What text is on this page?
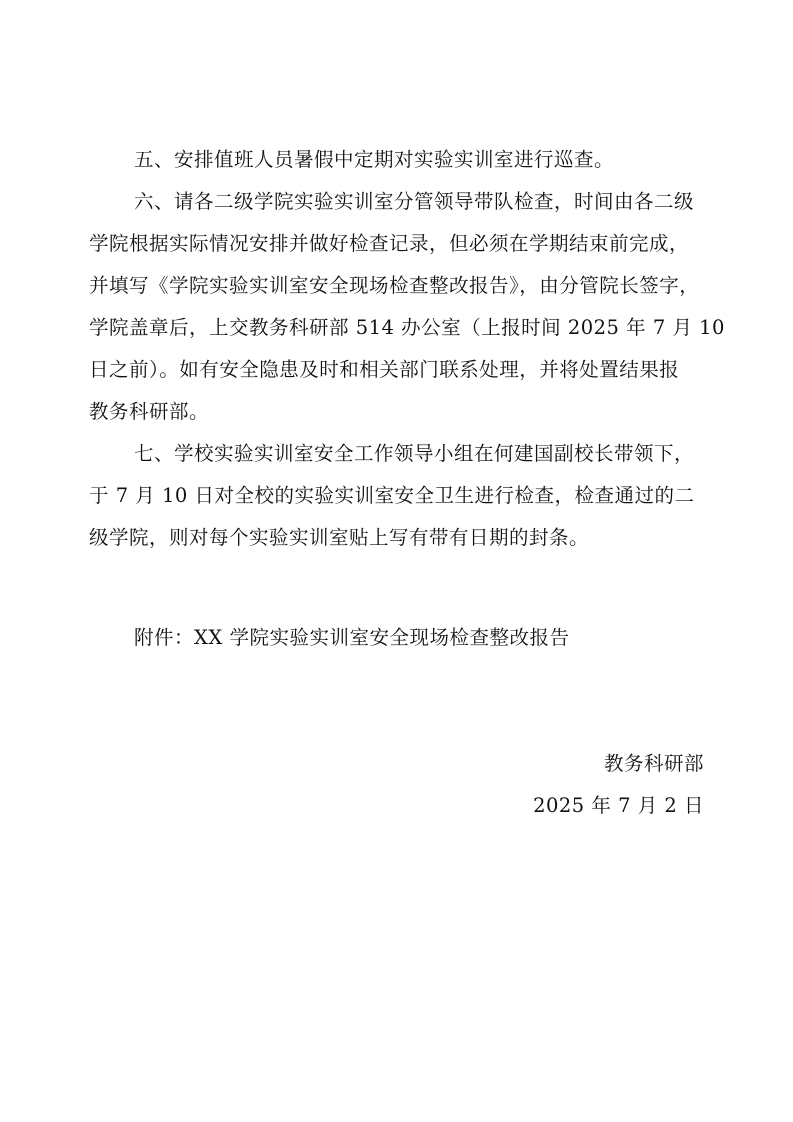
五、安排值班人员暑假中定期对实验实训室进行巡查。
六、请各二级学院实验实训室分管领导带队检查，时间由各二级
学院根据实际情况安排并做好检查记录，但必须在学期结束前完成，
并填写《学院实验实训室安全现场检查整改报告》，由分管院长签字，
学院盖章后，上交教务科研部 514 办公室（上报时间 2025 年 7 月 10
日之前）。如有安全隐患及时和相关部门联系处理，并将处置结果报
教务科研部。
七、学校实验实训室安全工作领导小组在何建国副校长带领下，
于 7 月 10 日对全校的实验实训室安全卫生进行检查，检查通过的二
级学院，则对每个实验实训室贴上写有带有日期的封条。
附件：XX 学院实验实训室安全现场检查整改报告
教务科研部
2025 年 7 月 2 日
